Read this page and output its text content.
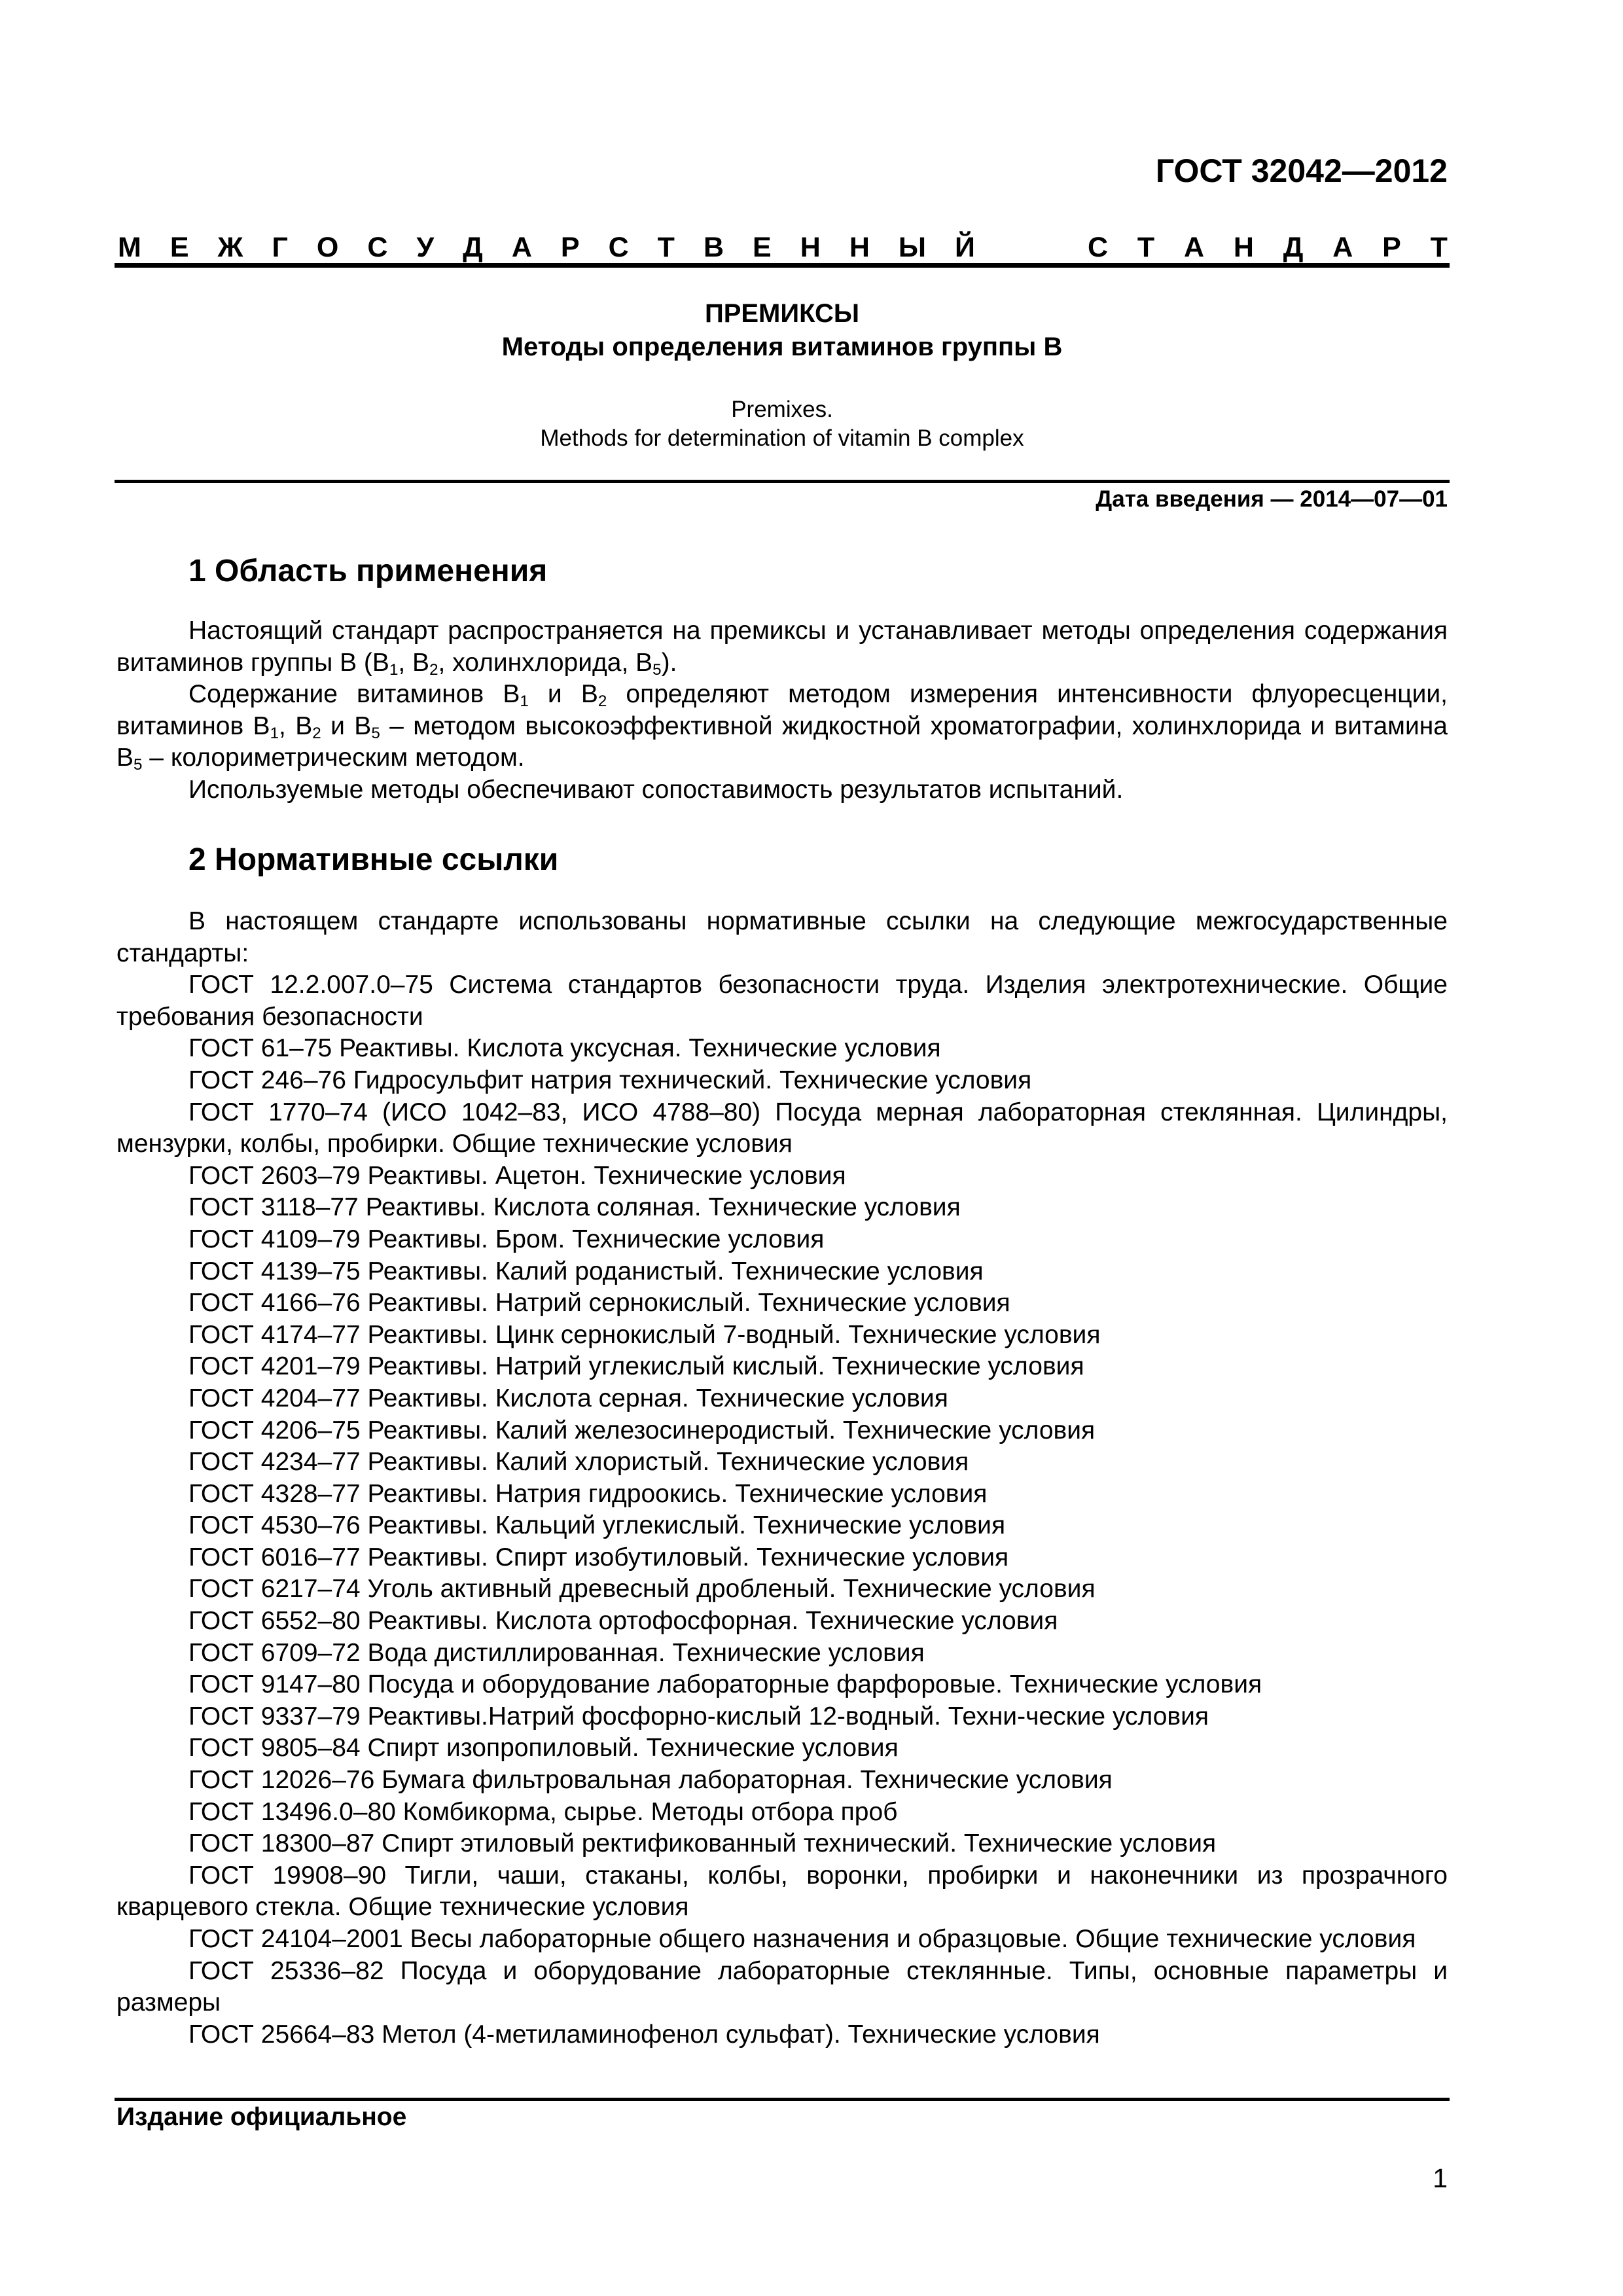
ГОСТ 32042—2012
М Е Ж Г О С У Д А Р С Т В Е Н Н Ы Й	С Т А Н Д А Р Т
ПРЕМИКСЫ
Методы определения витаминов группы В
Premixes.
Methods for determination of vitamin B complex
Дата введения — 2014—07—01
1 Область применения

Настоящий стандарт распространяется на премиксы и устанавливает методы определения содержания витаминов группы В ($В_1$, $В_2$, холинхлорида, $В_5$).

Содержание витаминов $В_1$ и $В_2$ определяют методом измерения интенсивности флуоресценции, витаминов $В_1$, $В_2$ и $В_5$ – методом высокоэффективной жидкостной хроматографии, холинхлорида и витамина $В_5$ – колориметрическим методом.

Используемые методы обеспечивают сопоставимость результатов испытаний.

2 Нормативные ссылки

В настоящем стандарте использованы нормативные ссылки на следующие межгосударственные стандарты:

ГОСТ 12.2.007.0–75 Система стандартов безопасности труда. Изделия электротехнические. Общие требования безопасности

ГОСТ 61–75 Реактивы. Кислота уксусная. Технические условия

ГОСТ 246–76 Гидросульфит натрия технический. Технические условия

ГОСТ 1770–74 (ИСО 1042–83, ИСО 4788–80) Посуда мерная лабораторная стеклянная. Цилиндры, мензурки, колбы, пробирки. Общие технические условия

ГОСТ 2603–79 Реактивы. Ацетон. Технические условия

ГОСТ 3118–77 Реактивы. Кислота соляная. Технические условия

ГОСТ 4109–79 Реактивы. Бром. Технические условия

ГОСТ 4139–75 Реактивы. Калий роданистый. Технические условия

ГОСТ 4166–76 Реактивы. Натрий сернокислый. Технические условия

ГОСТ 4174–77 Реактивы. Цинк сернокислый 7-водный. Технические условия

ГОСТ 4201–79 Реактивы. Натрий углекислый кислый. Технические условия

ГОСТ 4204–77 Реактивы. Кислота серная. Технические условия

ГОСТ 4206–75 Реактивы. Калий железосинеродистый. Технические условия

ГОСТ 4234–77 Реактивы. Калий хлористый. Технические условия

ГОСТ 4328–77 Реактивы. Натрия гидроокись. Технические условия

ГОСТ 4530–76 Реактивы. Кальций углекислый. Технические условия

ГОСТ 6016–77 Реактивы. Спирт изобутиловый. Технические условия

ГОСТ 6217–74 Уголь активный древесный дробленый. Технические условия

ГОСТ 6552–80 Реактивы. Кислота ортофосфорная. Технические условия

ГОСТ 6709–72 Вода дистиллированная. Технические условия

ГОСТ 9147–80 Посуда и оборудование лабораторные фарфоровые. Технические условия

ГОСТ 9337–79 Реактивы.Натрий фосфорно-кислый 12-водный. Техни-ческие условия

ГОСТ 9805–84 Спирт изопропиловый. Технические условия

ГОСТ 12026–76 Бумага фильтровальная лабораторная. Технические условия

ГОСТ 13496.0–80 Комбикорма, сырье. Методы отбора проб

ГОСТ 18300–87 Спирт этиловый ректификованный технический. Технические условия

ГОСТ 19908–90 Тигли, чаши, стаканы, колбы, воронки, пробирки и наконечники из прозрачного кварцевого стекла. Общие технические условия

ГОСТ 24104–2001 Весы лабораторные общего назначения и образцовые. Общие технические условия

ГОСТ 25336–82 Посуда и оборудование лабораторные стеклянные. Типы, основные параметры и размеры

ГОСТ 25664–83 Метол (4-метиламинофенол сульфат). Технические условия

Издание официальное
1
